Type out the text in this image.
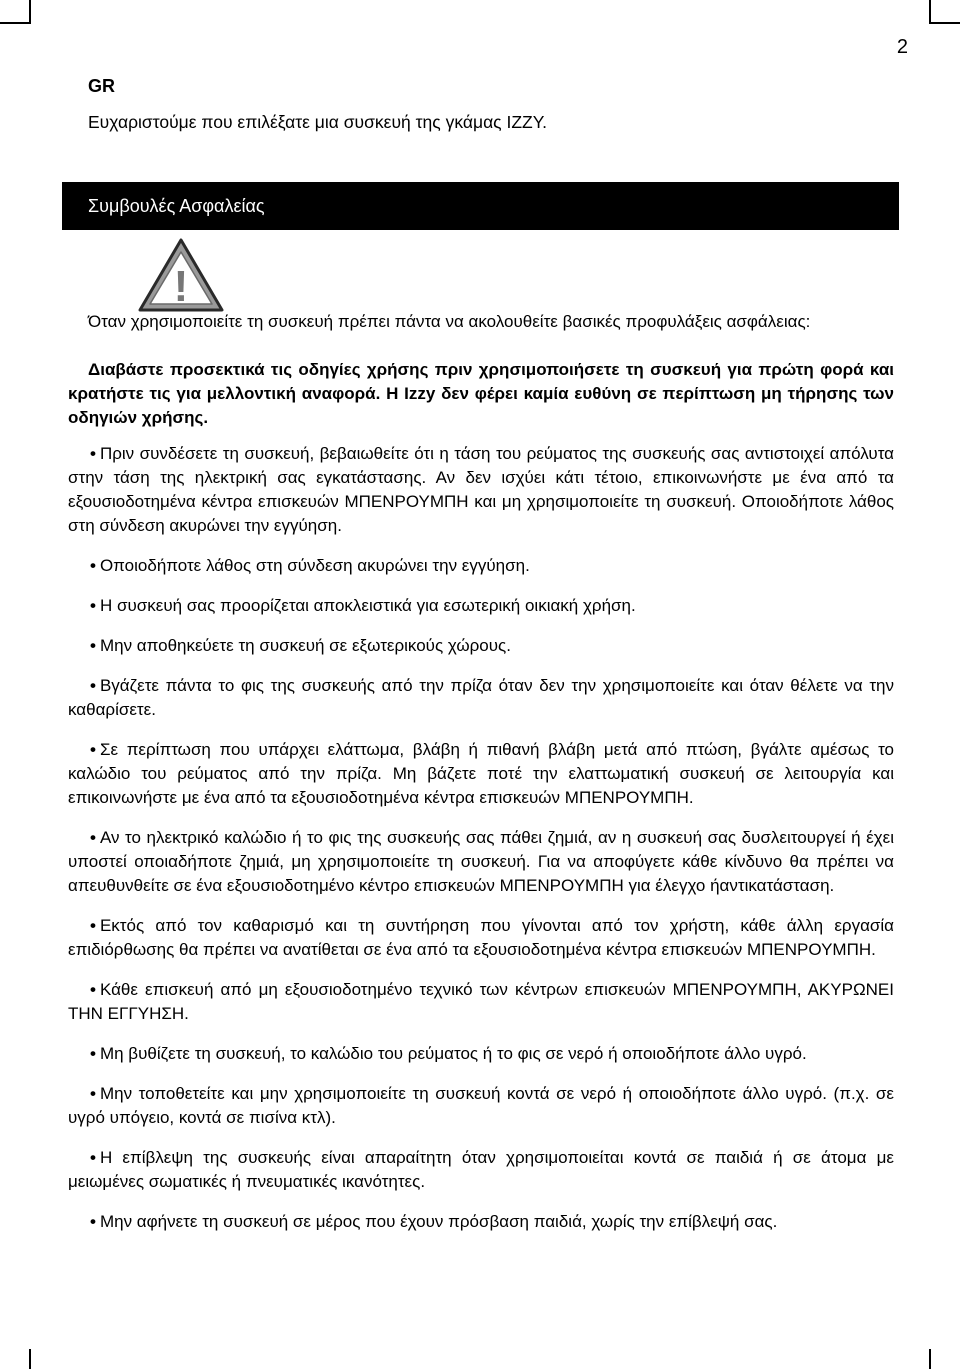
2
GR
Ευχαριστούμε που επιλέξατε μια συσκευή της γκάμας IZZY.
Συμβουλές Ασφαλείας
!

Όταν χρησιμοποιείτε τη συσκευή πρέπει πάντα να ακολουθείτε βασικές προφυλάξεις ασφάλειας:

Διαβάστε προσεκτικά τις οδηγίες χρήσης πριν χρησιμοποιήσετε τη συσκευή για πρώτη φορά και κρατήστε τις για μελλοντική αναφορά. Η Izzy δεν φέρει καμία ευθύνη σε περίπτωση μη τήρησης των οδηγιών χρήσης.

• Πριν συνδέσετε τη συσκευή, βεβαιωθείτε ότι η τάση του ρεύματος της συσκευής σας αντιστοιχεί απόλυτα στην τάση της ηλεκτρική σας εγκατάστασης. Αν δεν ισχύει κάτι τέτοιο, επικοινωνήστε με ένα από τα εξουσιοδοτημένα κέντρα επισκευών ΜΠΕΝΡΟΥΜΠΗ και μη χρησιμοποιείτε τη συσκευή. Οποιοδήποτε λάθος στη σύνδεση ακυρώνει την εγγύηση.

• Οποιοδήποτε λάθος στη σύνδεση ακυρώνει την εγγύηση.

• Η συσκευή σας προορίζεται αποκλειστικά για εσωτερική οικιακή χρήση.

• Μην αποθηκεύετε τη συσκευή σε εξωτερικούς χώρους.

• Βγάζετε πάντα το φις της συσκευής από την πρίζα όταν δεν την χρησιμοποιείτε και όταν θέλετε να την καθαρίσετε.

• Σε περίπτωση που υπάρχει ελάττωμα, βλάβη ή πιθανή βλάβη μετά από πτώση, βγάλτε αμέσως το καλώδιο του ρεύματος από την πρίζα. Μη βάζετε ποτέ την ελαττωματική συσκευή σε λειτουργία και επικοινωνήστε με ένα από τα εξουσιοδοτημένα κέντρα επισκευών ΜΠΕΝΡΟΥΜΠΗ.

• Αν το ηλεκτρικό καλώδιο ή το φις της συσκευής σας πάθει ζημιά, αν η συσκευή σας δυσλειτουργεί ή έχει υποστεί οποιαδήποτε ζημιά, μη χρησιμοποιείτε τη συσκευή. Για να αποφύγετε κάθε κίνδυνο θα πρέπει να απευθυνθείτε σε ένα εξουσιοδοτημένο κέντρο επισκευών ΜΠΕΝΡΟΥΜΠΗ για έλεγχο ήαντικατάσταση.

• Εκτός από τον καθαρισμό και τη συντήρηση που γίνονται από τον χρήστη, κάθε άλλη εργασία επιδιόρθωσης θα πρέπει να ανατίθεται σε ένα από τα εξουσιοδοτημένα κέντρα επισκευών ΜΠΕΝΡΟΥΜΠΗ.

• Κάθε επισκευή από μη εξουσιοδοτημένο τεχνικό των κέντρων επισκευών ΜΠΕΝΡΟΥΜΠΗ, ΑΚΥΡΩΝΕΙ ΤΗΝ ΕΓΓΥΗΣΗ.

• Μη βυθίζετε τη συσκευή, το καλώδιο του ρεύματος ή το φις σε νερό ή οποιοδήποτε άλλο υγρό.

• Μην τοποθετείτε και μην χρησιμοποιείτε τη συσκευή κοντά σε νερό ή οποιοδήποτε άλλο υγρό. (π.χ. σε υγρό υπόγειο, κοντά σε πισίνα κτλ).

• Η επίβλεψη της συσκευής είναι απαραίτητη όταν χρησιμοποιείται κοντά σε παιδιά ή σε άτομα με μειωμένες σωματικές ή πνευματικές ικανότητες.

• Μην αφήνετε τη συσκευή σε μέρος που έχουν πρόσβαση παιδιά, χωρίς την επίβλεψή σας.
